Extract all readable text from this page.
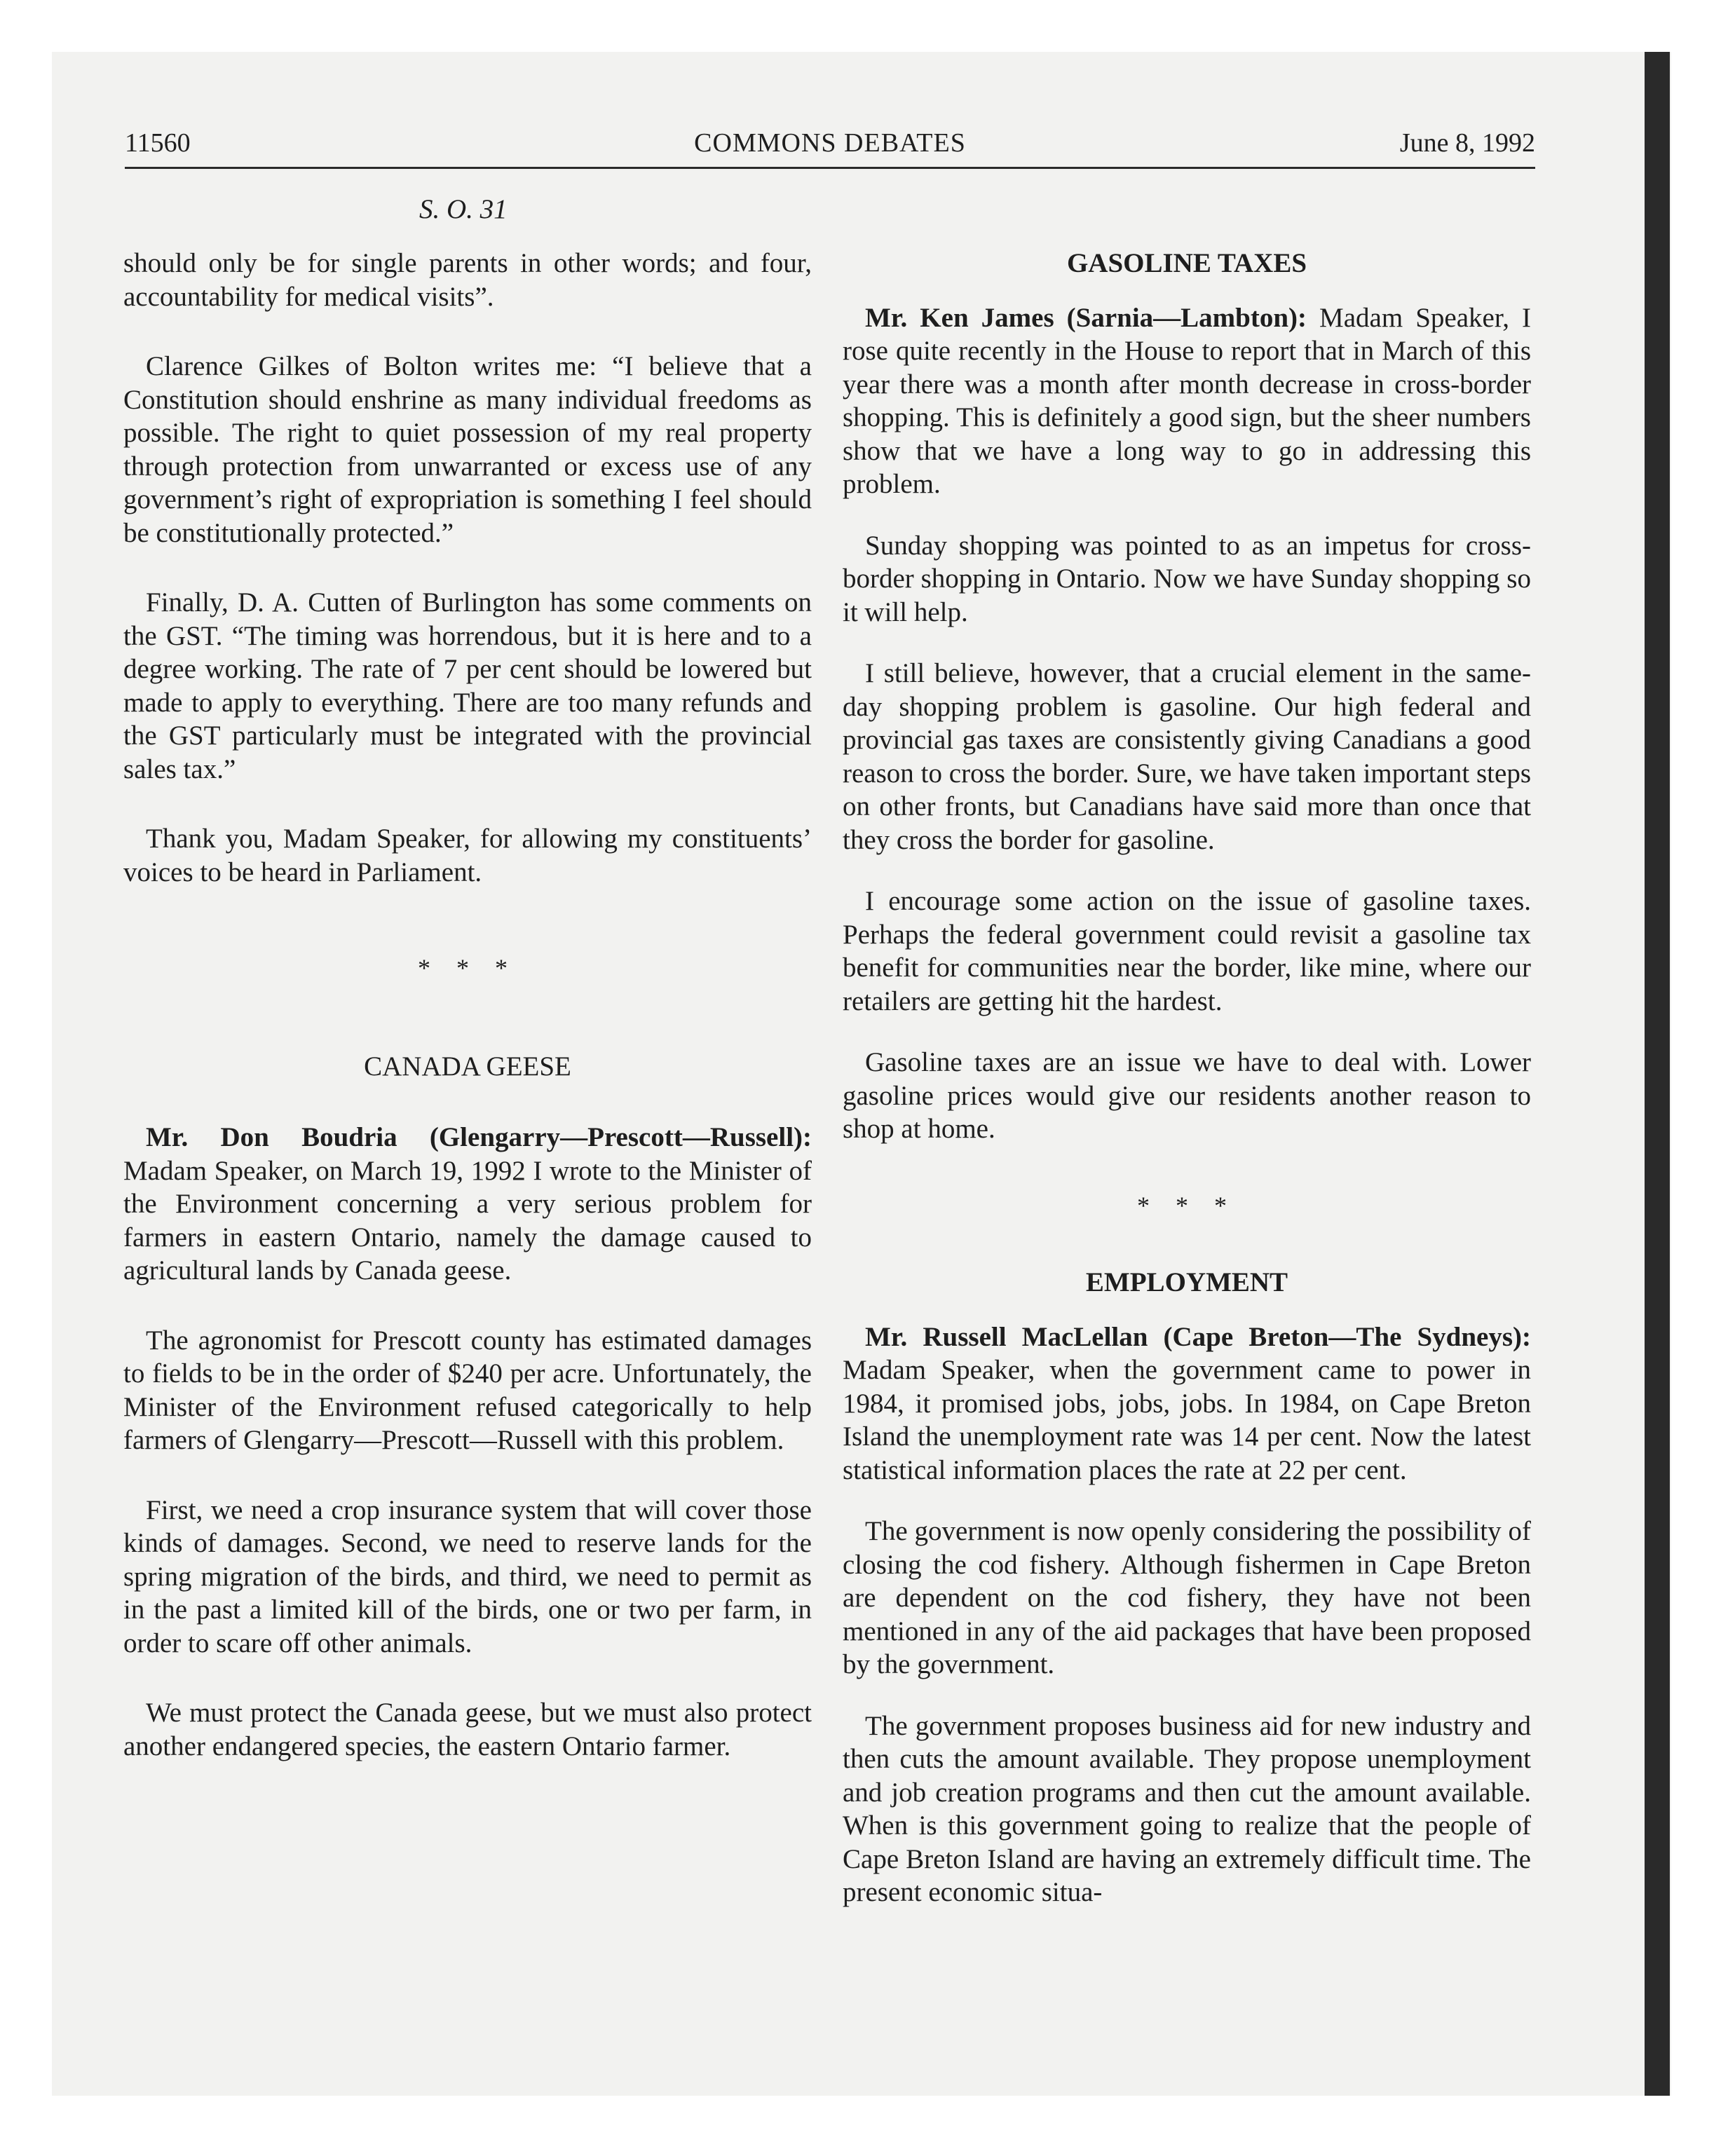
11560	COMMONS DEBATES	June 8, 1992
S. O. 31

should only be for single parents in other words; and four, accountability for medical visits”.

Clarence Gilkes of Bolton writes me: “I believe that a Constitution should enshrine as many individual freedoms as possible. The right to quiet possession of my real property through protection from unwarranted or excess use of any government’s right of expropriation is something I feel should be constitutionally protected.”

Finally, D. A. Cutten of Burlington has some comments on the GST. “The timing was horrendous, but it is here and to a degree working. The rate of 7 per cent should be lowered but made to apply to everything. There are too many refunds and the GST particularly must be integrated with the provincial sales tax.”

Thank you, Madam Speaker, for allowing my constituents’ voices to be heard in Parliament.

* * *
CANADA GEESE

Mr. Don Boudria (Glengarry—Prescott—Russell): Madam Speaker, on March 19, 1992 I wrote to the Minister of the Environment concerning a very serious problem for farmers in eastern Ontario, namely the damage caused to agricultural lands by Canada geese.

The agronomist for Prescott county has estimated damages to fields to be in the order of $240 per acre. Unfortunately, the Minister of the Environment refused categorically to help farmers of Glengarry—Prescott—Russell with this problem.

First, we need a crop insurance system that will cover those kinds of damages. Second, we need to reserve lands for the spring migration of the birds, and third, we need to permit as in the past a limited kill of the birds, one or two per farm, in order to scare off other animals.

We must protect the Canada geese, but we must also protect another endangered species, the eastern Ontario farmer.

GASOLINE TAXES

Mr. Ken James (Sarnia—Lambton): Madam Speaker, I rose quite recently in the House to report that in March of this year there was a month after month decrease in cross-border shopping. This is definitely a good sign, but the sheer numbers show that we have a long way to go in addressing this problem.

Sunday shopping was pointed to as an impetus for cross-border shopping in Ontario. Now we have Sunday shopping so it will help.

I still believe, however, that a crucial element in the same-day shopping problem is gasoline. Our high federal and provincial gas taxes are consistently giving Canadians a good reason to cross the border. Sure, we have taken important steps on other fronts, but Canadians have said more than once that they cross the border for gasoline.

I encourage some action on the issue of gasoline taxes. Perhaps the federal government could revisit a gasoline tax benefit for communities near the border, like mine, where our retailers are getting hit the hardest.

Gasoline taxes are an issue we have to deal with. Lower gasoline prices would give our residents another reason to shop at home.

* * *
EMPLOYMENT

Mr. Russell MacLellan (Cape Breton—The Sydneys): Madam Speaker, when the government came to power in 1984, it promised jobs, jobs, jobs. In 1984, on Cape Breton Island the unemployment rate was 14 per cent. Now the latest statistical information places the rate at 22 per cent.

The government is now openly considering the possibility of closing the cod fishery. Although fishermen in Cape Breton are dependent on the cod fishery, they have not been mentioned in any of the aid packages that have been proposed by the government.

The government proposes business aid for new industry and then cuts the amount available. They propose unemployment and job creation programs and then cut the amount available. When is this government going to realize that the people of Cape Breton Island are having an extremely difficult time. The present economic situa-
